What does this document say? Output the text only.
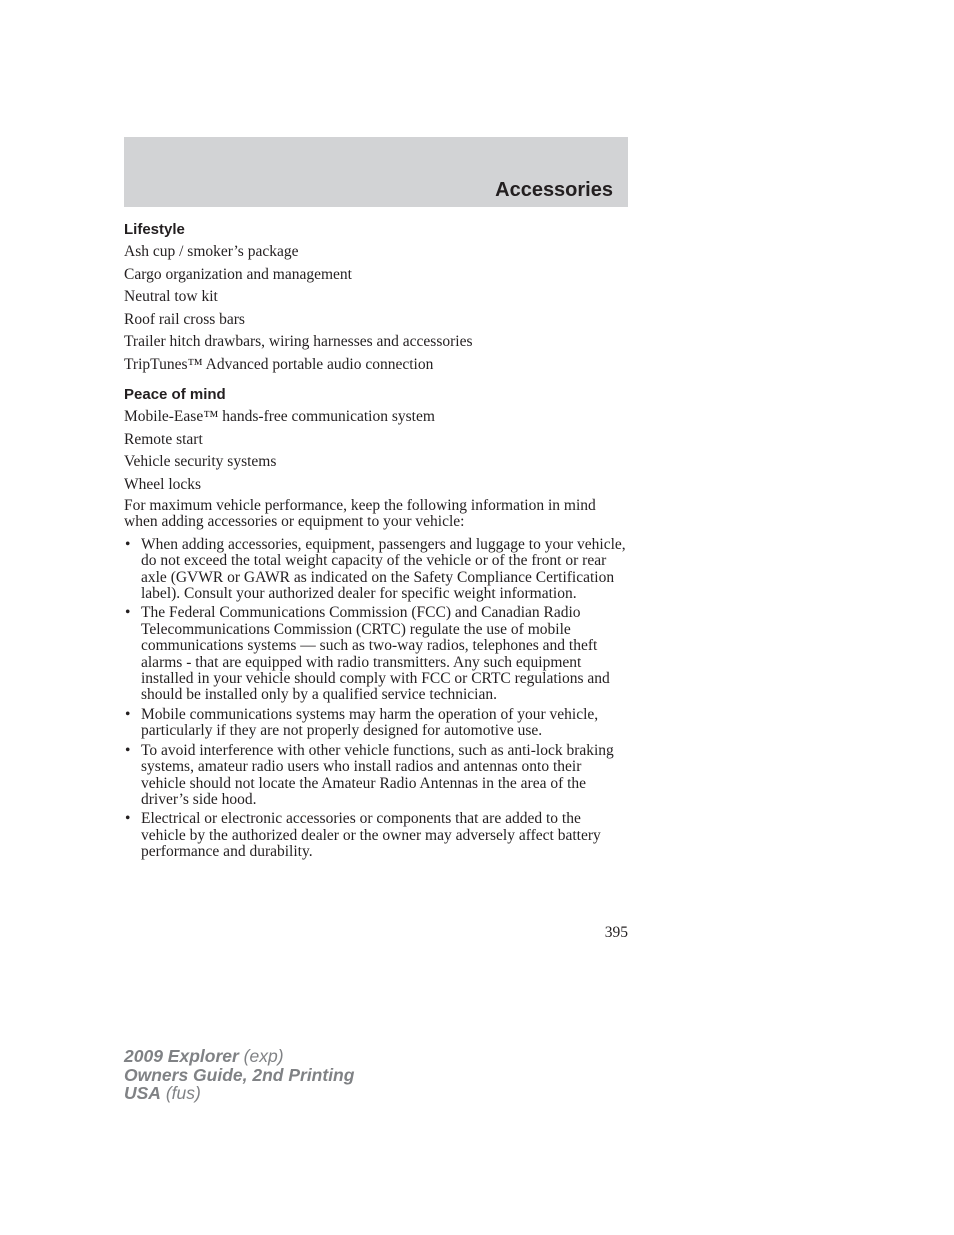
Accessories
Lifestyle
Ash cup / smoker’s package
Cargo organization and management
Neutral tow kit
Roof rail cross bars
Trailer hitch drawbars, wiring harnesses and accessories
TripTunes™ Advanced portable audio connection
Peace of mind
Mobile-Ease™ hands-free communication system
Remote start
Vehicle security systems
Wheel locks

For maximum vehicle performance, keep the following information in mind when adding accessories or equipment to your vehicle:

• When adding accessories, equipment, passengers and luggage to your vehicle, do not exceed the total weight capacity of the vehicle or of the front or rear axle (GVWR or GAWR as indicated on the Safety Compliance Certification label). Consult your authorized dealer for specific weight information.
• The Federal Communications Commission (FCC) and Canadian Radio Telecommunications Commission (CRTC) regulate the use of mobile communications systems — such as two-way radios, telephones and theft alarms - that are equipped with radio transmitters. Any such equipment installed in your vehicle should comply with FCC or CRTC regulations and should be installed only by a qualified service technician.
• Mobile communications systems may harm the operation of your vehicle, particularly if they are not properly designed for automotive use.
• To avoid interference with other vehicle functions, such as anti-lock braking systems, amateur radio users who install radios and antennas onto their vehicle should not locate the Amateur Radio Antennas in the area of the driver’s side hood.
• Electrical or electronic accessories or components that are added to the vehicle by the authorized dealer or the owner may adversely affect battery performance and durability.
395
2009 Explorer (exp)
Owners Guide, 2nd Printing
USA (fus)
